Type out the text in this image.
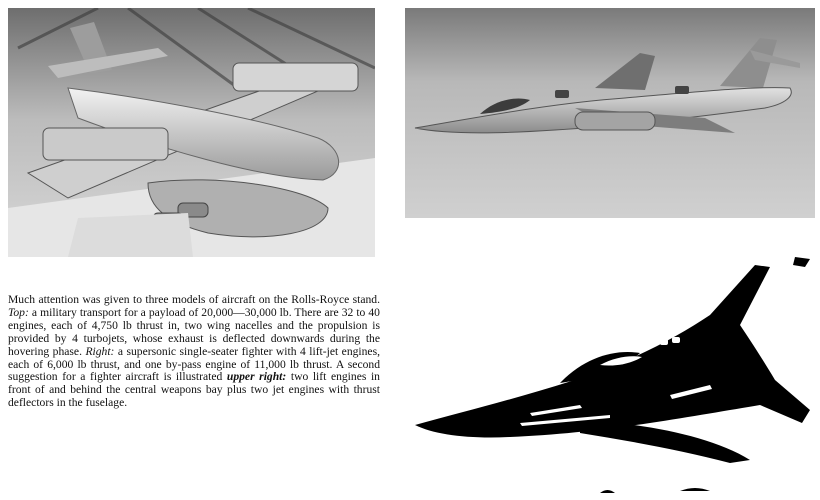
Much attention was given to three models of aircraft on the Rolls-Royce stand. Top: a military transport for a payload of 20,000—30,000 lb. There are 32 to 40 engines, each of 4,750 lb thrust in, two wing nacelles and the propulsion is provided by 4 turbojets, whose exhaust is deflected downwards during the hovering phase. Right: a supersonic single-seater fighter with 4 lift-jet engines, each of 6,000 lb thrust, and one by-pass engine of 11,000 lb thrust. A second suggestion for a fighter aircraft is illustrated upper right: two lift engines in front of and behind the central weapons bay plus two jet engines with thrust deflectors in the fuselage.
